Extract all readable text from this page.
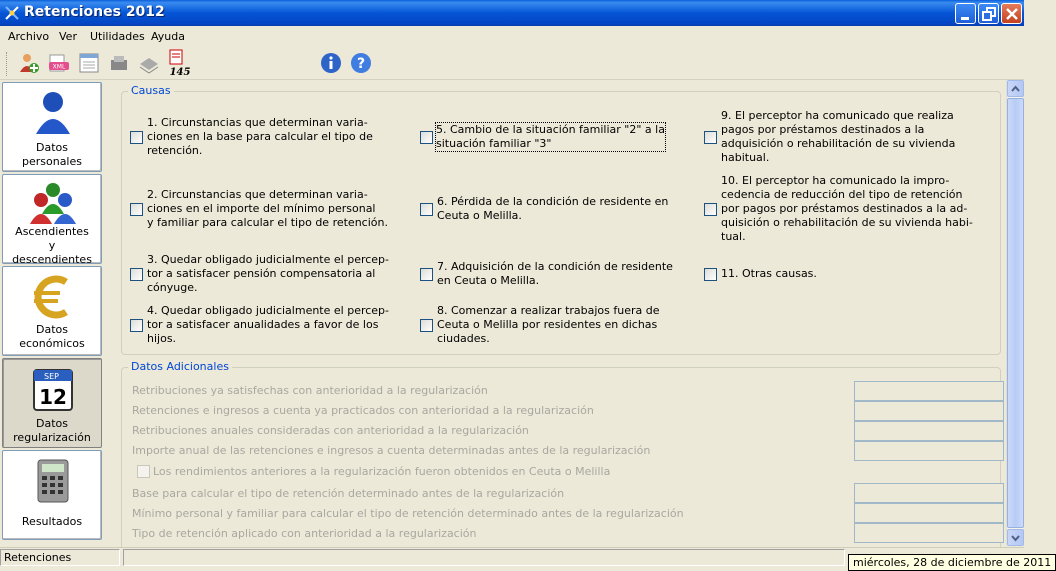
Retenciones 2012
Archivo Ver Utilidades Ayuda
XML	145
?
Datos
personales
Ascendientes
y
descendientes
Datos
económicos
SEP
12
Datos
regularización
Resultados
Causas
1. Circunstancias que determinan varia-
ciones en la base para calcular el tipo de
retención.
2. Circunstancias que determinan varia-
ciones en el importe del mínimo personal
y familiar para calcular el tipo de retención.
3. Quedar obligado judicialmente el percep-
tor a satisfacer pensión compensatoria al
cónyuge.
4. Quedar obligado judicialmente el percep-
tor a satisfacer anualidades a favor de los
hijos.
5. Cambio de la situación familiar "2" a la
situación familiar "3"
6. Pérdida de la condición de residente en
Ceuta o Melilla.
7. Adquisición de la condición de residente
en Ceuta o Melilla.
8. Comenzar a realizar trabajos fuera de
Ceuta o Melilla por residentes en dichas
ciudades.
9. El perceptor ha comunicado que realiza
pagos por préstamos destinados a la
adquisición o rehabilitación de su vivienda
habitual.
10. El perceptor ha comunicado la impro-
cedencia de reducción del tipo de retención
por pagos por préstamos destinados a la ad-
quisición o rehabilitación de su vivienda habi-
tual.
11. Otras causas.
Datos Adicionales
Retribuciones ya satisfechas con anterioridad a la regularización
Retenciones e ingresos a cuenta ya practicados con anterioridad a la regularización
Retribuciones anuales consideradas con anterioridad a la regularización
Importe anual de las retenciones e ingresos a cuenta determinadas antes de la regularización
Los rendimientos anteriores a la regularización fueron obtenidos en Ceuta o Melilla
Base para calcular el tipo de retención determinado antes de la regularización
Mínimo personal y familiar para calcular el tipo de retención determinado antes de la regularización
Tipo de retención aplicado con anterioridad a la regularización
Retenciones	miércoles, 28 de diciembre de 2011
